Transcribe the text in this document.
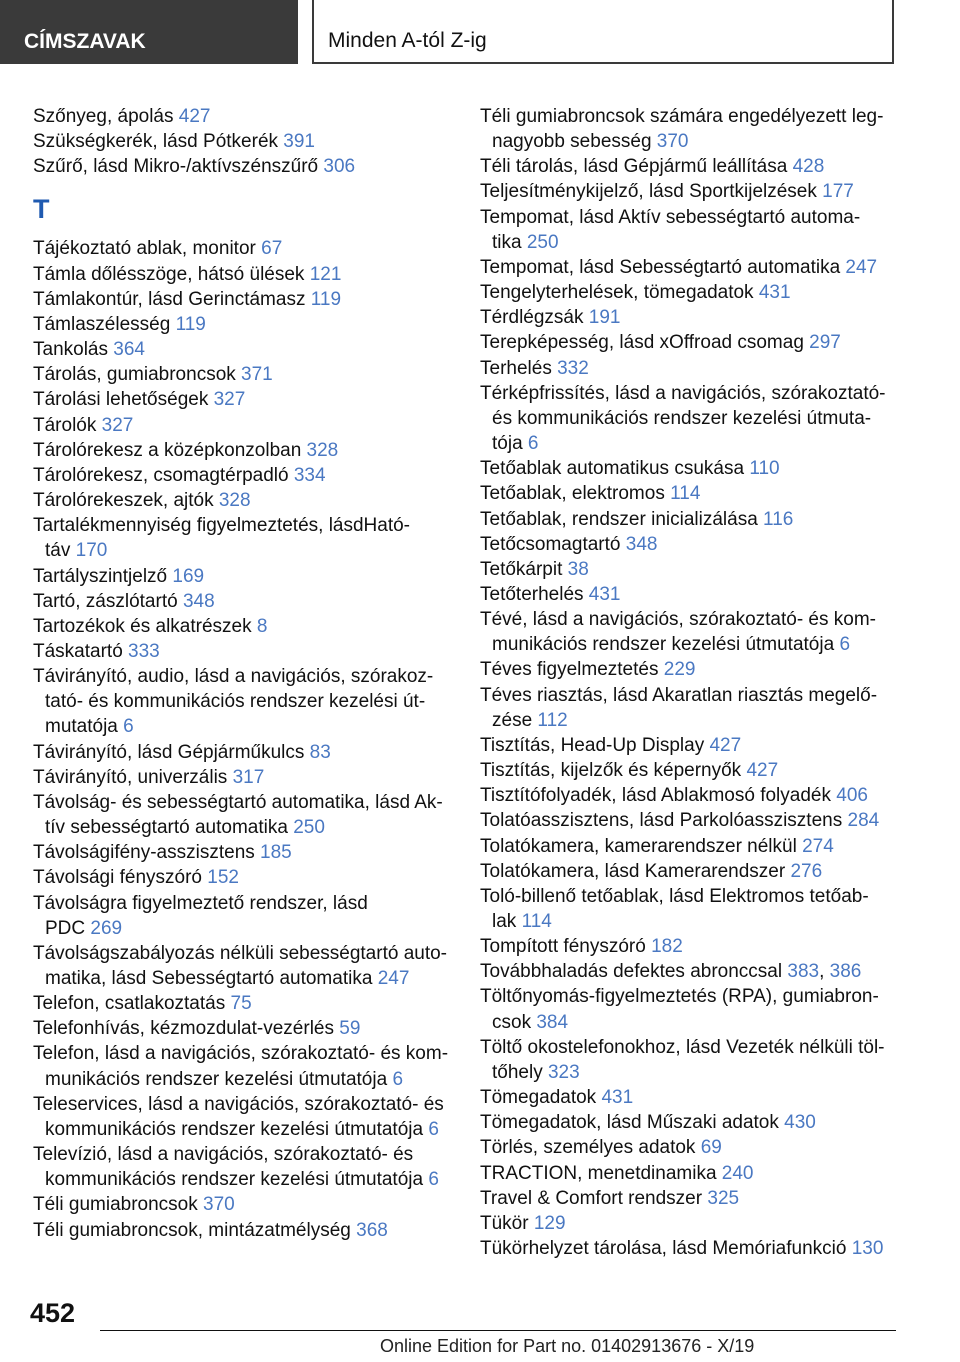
CÍMSZAVAK	Minden A-tól Z-ig
Szőnyeg, ápolás 427
Szükségkerék, lásd Pótkerék 391
Szűrő, lásd Mikro-/aktívszénszűrő 306
T
Tájékoztató ablak, monitor 67
Támla dőlésszöge, hátsó ülések 121
Támlakontúr, lásd Gerinctámasz 119
Támlaszélesség 119
Tankolás 364
Tárolás, gumiabroncsok 371
Tárolási lehetőségek 327
Tárolók 327
Tárolórekesz a középkonzolban 328
Tárolórekesz, csomagtérpadló 334
Tárolórekeszek, ajtók 328
Tartalékmennyiség figyelmeztetés, lásdHató-
táv 170
Tartályszintjelző 169
Tartó, zászlótartó 348
Tartozékok és alkatrészek 8
Táskatartó 333
Távirányító, audio, lásd a navigációs, szórakoz-
tató- és kommunikációs rendszer kezelési út-
mutatója 6
Távirányító, lásd Gépjárműkulcs 83
Távirányító, univerzális 317
Távolság- és sebességtartó automatika, lásd Ak-
tív sebességtartó automatika 250
Távolságifény-asszisztens 185
Távolsági fényszóró 152
Távolságra figyelmeztető rendszer, lásd
PDC 269
Távolságszabályozás nélküli sebességtartó auto-
matika, lásd Sebességtartó automatika 247
Telefon, csatlakoztatás 75
Telefonhívás, kézmozdulat-vezérlés 59
Telefon, lásd a navigációs, szórakoztató- és kom-
munikációs rendszer kezelési útmutatója 6
Teleservices, lásd a navigációs, szórakoztató- és
kommunikációs rendszer kezelési útmutatója 6
Televízió, lásd a navigációs, szórakoztató- és
kommunikációs rendszer kezelési útmutatója 6
Téli gumiabroncsok 370
Téli gumiabroncsok, mintázatmélység 368
Téli gumiabroncsok számára engedélyezett leg-
nagyobb sebesség 370
Téli tárolás, lásd Gépjármű leállítása 428
Teljesítménykijelző, lásd Sportkijelzések 177
Tempomat, lásd Aktív sebességtartó automa-
tika 250
Tempomat, lásd Sebességtartó automatika 247
Tengelyterhelések, tömegadatok 431
Térdlégzsák 191
Terepképesség, lásd xOffroad csomag 297
Terhelés 332
Térképfrissítés, lásd a navigációs, szórakoztató-
és kommunikációs rendszer kezelési útmuta-
tója 6
Tetőablak automatikus csukása 110
Tetőablak, elektromos 114
Tetőablak, rendszer inicializálása 116
Tetőcsomagtartó 348
Tetőkárpit 38
Tetőterhelés 431
Tévé, lásd a navigációs, szórakoztató- és kom-
munikációs rendszer kezelési útmutatója 6
Téves figyelmeztetés 229
Téves riasztás, lásd Akaratlan riasztás megelő-
zése 112
Tisztítás, Head-Up Display 427
Tisztítás, kijelzők és képernyők 427
Tisztítófolyadék, lásd Ablakmosó folyadék 406
Tolatóasszisztens, lásd Parkolóasszisztens 284
Tolatókamera, kamerarendszer nélkül 274
Tolatókamera, lásd Kamerarendszer 276
Toló-billenő tetőablak, lásd Elektromos tetőab-
lak 114
Tompított fényszóró 182
Továbbhaladás defektes abronccsal 383, 386
Töltőnyomás-figyelmeztetés (RPA), gumiabron-
csok 384
Töltő okostelefonokhoz, lásd Vezeték nélküli töl-
tőhely 323
Tömegadatok 431
Tömegadatok, lásd Műszaki adatok 430
Törlés, személyes adatok 69
TRACTION, menetdinamika 240
Travel & Comfort rendszer 325
Tükör 129
Tükörhelyzet tárolása, lásd Memóriafunkció 130
452
Online Edition for Part no. 01402913676 - X/19
